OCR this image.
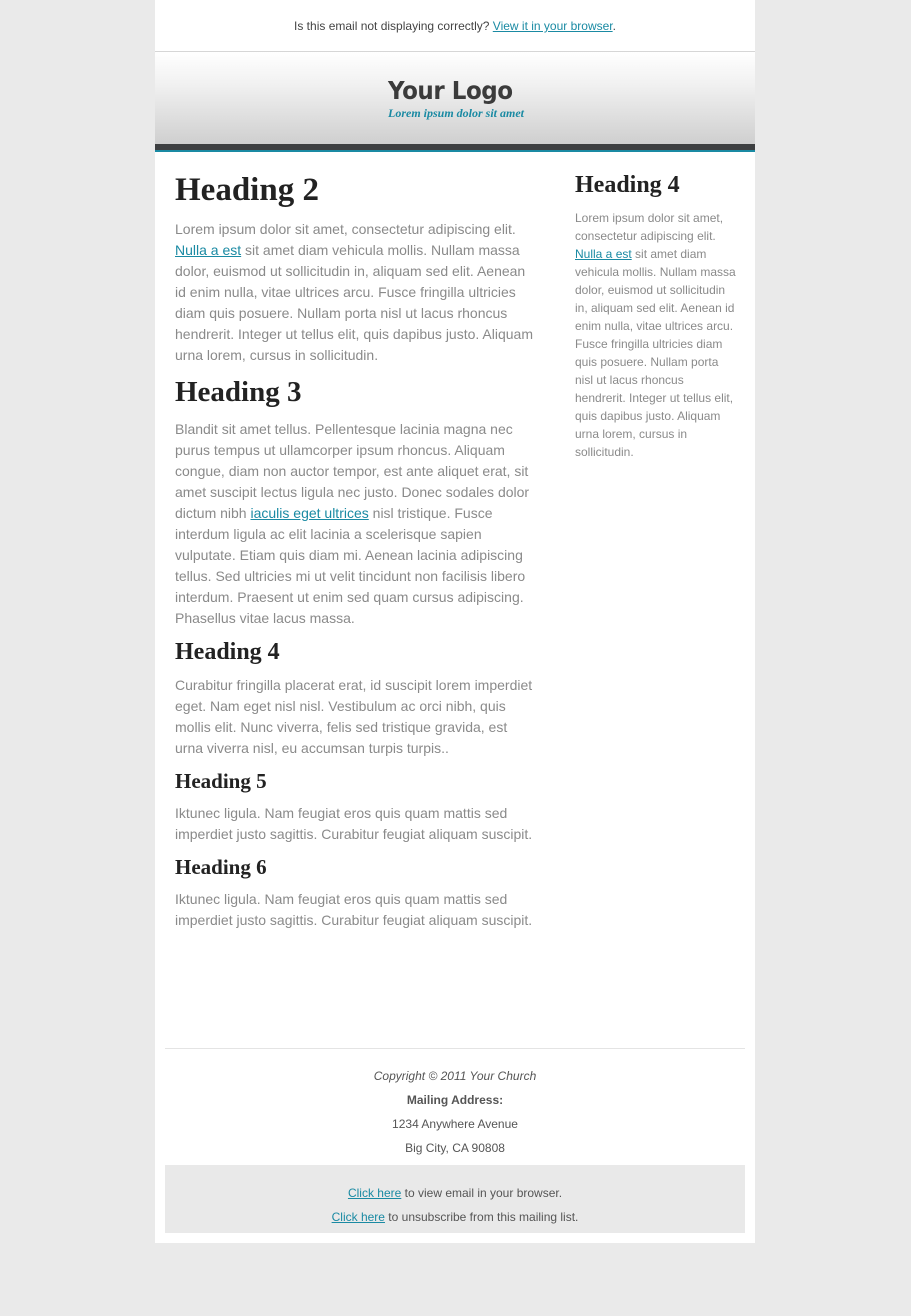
Is this email not displaying correctly? View it in your browser.
Your Logo
Lorem ipsum dolor sit amet
Heading 2

Lorem ipsum dolor sit amet, consectetur adipiscing elit. Nulla a est sit amet diam vehicula mollis. Nullam massa dolor, euismod ut sollicitudin in, aliquam sed elit. Aenean id enim nulla, vitae ultrices arcu. Fusce fringilla ultricies diam quis posuere. Nullam porta nisl ut lacus rhoncus hendrerit. Integer ut tellus elit, quis dapibus justo. Aliquam urna lorem, cursus in sollicitudin.

Heading 3

Blandit sit amet tellus. Pellentesque lacinia magna nec purus tempus ut ullamcorper ipsum rhoncus. Aliquam congue, diam non auctor tempor, est ante aliquet erat, sit amet suscipit lectus ligula nec justo. Donec sodales dolor dictum nibh iaculis eget ultrices nisl tristique. Fusce interdum ligula ac elit lacinia a scelerisque sapien vulputate. Etiam quis diam mi. Aenean lacinia adipiscing tellus. Sed ultricies mi ut velit tincidunt non facilisis libero interdum. Praesent ut enim sed quam cursus adipiscing. Phasellus vitae lacus massa.

Heading 4

Curabitur fringilla placerat erat, id suscipit lorem imperdiet eget. Nam eget nisl nisl. Vestibulum ac orci nibh, quis mollis elit. Nunc viverra, felis sed tristique gravida, est urna viverra nisl, eu accumsan turpis turpis..

Heading 5

Iktunec ligula. Nam feugiat eros quis quam mattis sed imperdiet justo sagittis. Curabitur feugiat aliquam suscipit.

Heading 6

Iktunec ligula. Nam feugiat eros quis quam mattis sed imperdiet justo sagittis. Curabitur feugiat aliquam suscipit.

Heading 4

Lorem ipsum dolor sit amet, consectetur adipiscing elit. Nulla a est sit amet diam vehicula mollis. Nullam massa dolor, euismod ut sollicitudin in, aliquam sed elit. Aenean id enim nulla, vitae ultrices arcu. Fusce fringilla ultricies diam quis posuere. Nullam porta nisl ut lacus rhoncus hendrerit. Integer ut tellus elit, quis dapibus justo. Aliquam urna lorem, cursus in sollicitudin.

Copyright © 2011 Your Church
Mailing Address:
1234 Anywhere Avenue
Big City, CA 90808
Click here to view email in your browser.
Click here to unsubscribe from this mailing list.
